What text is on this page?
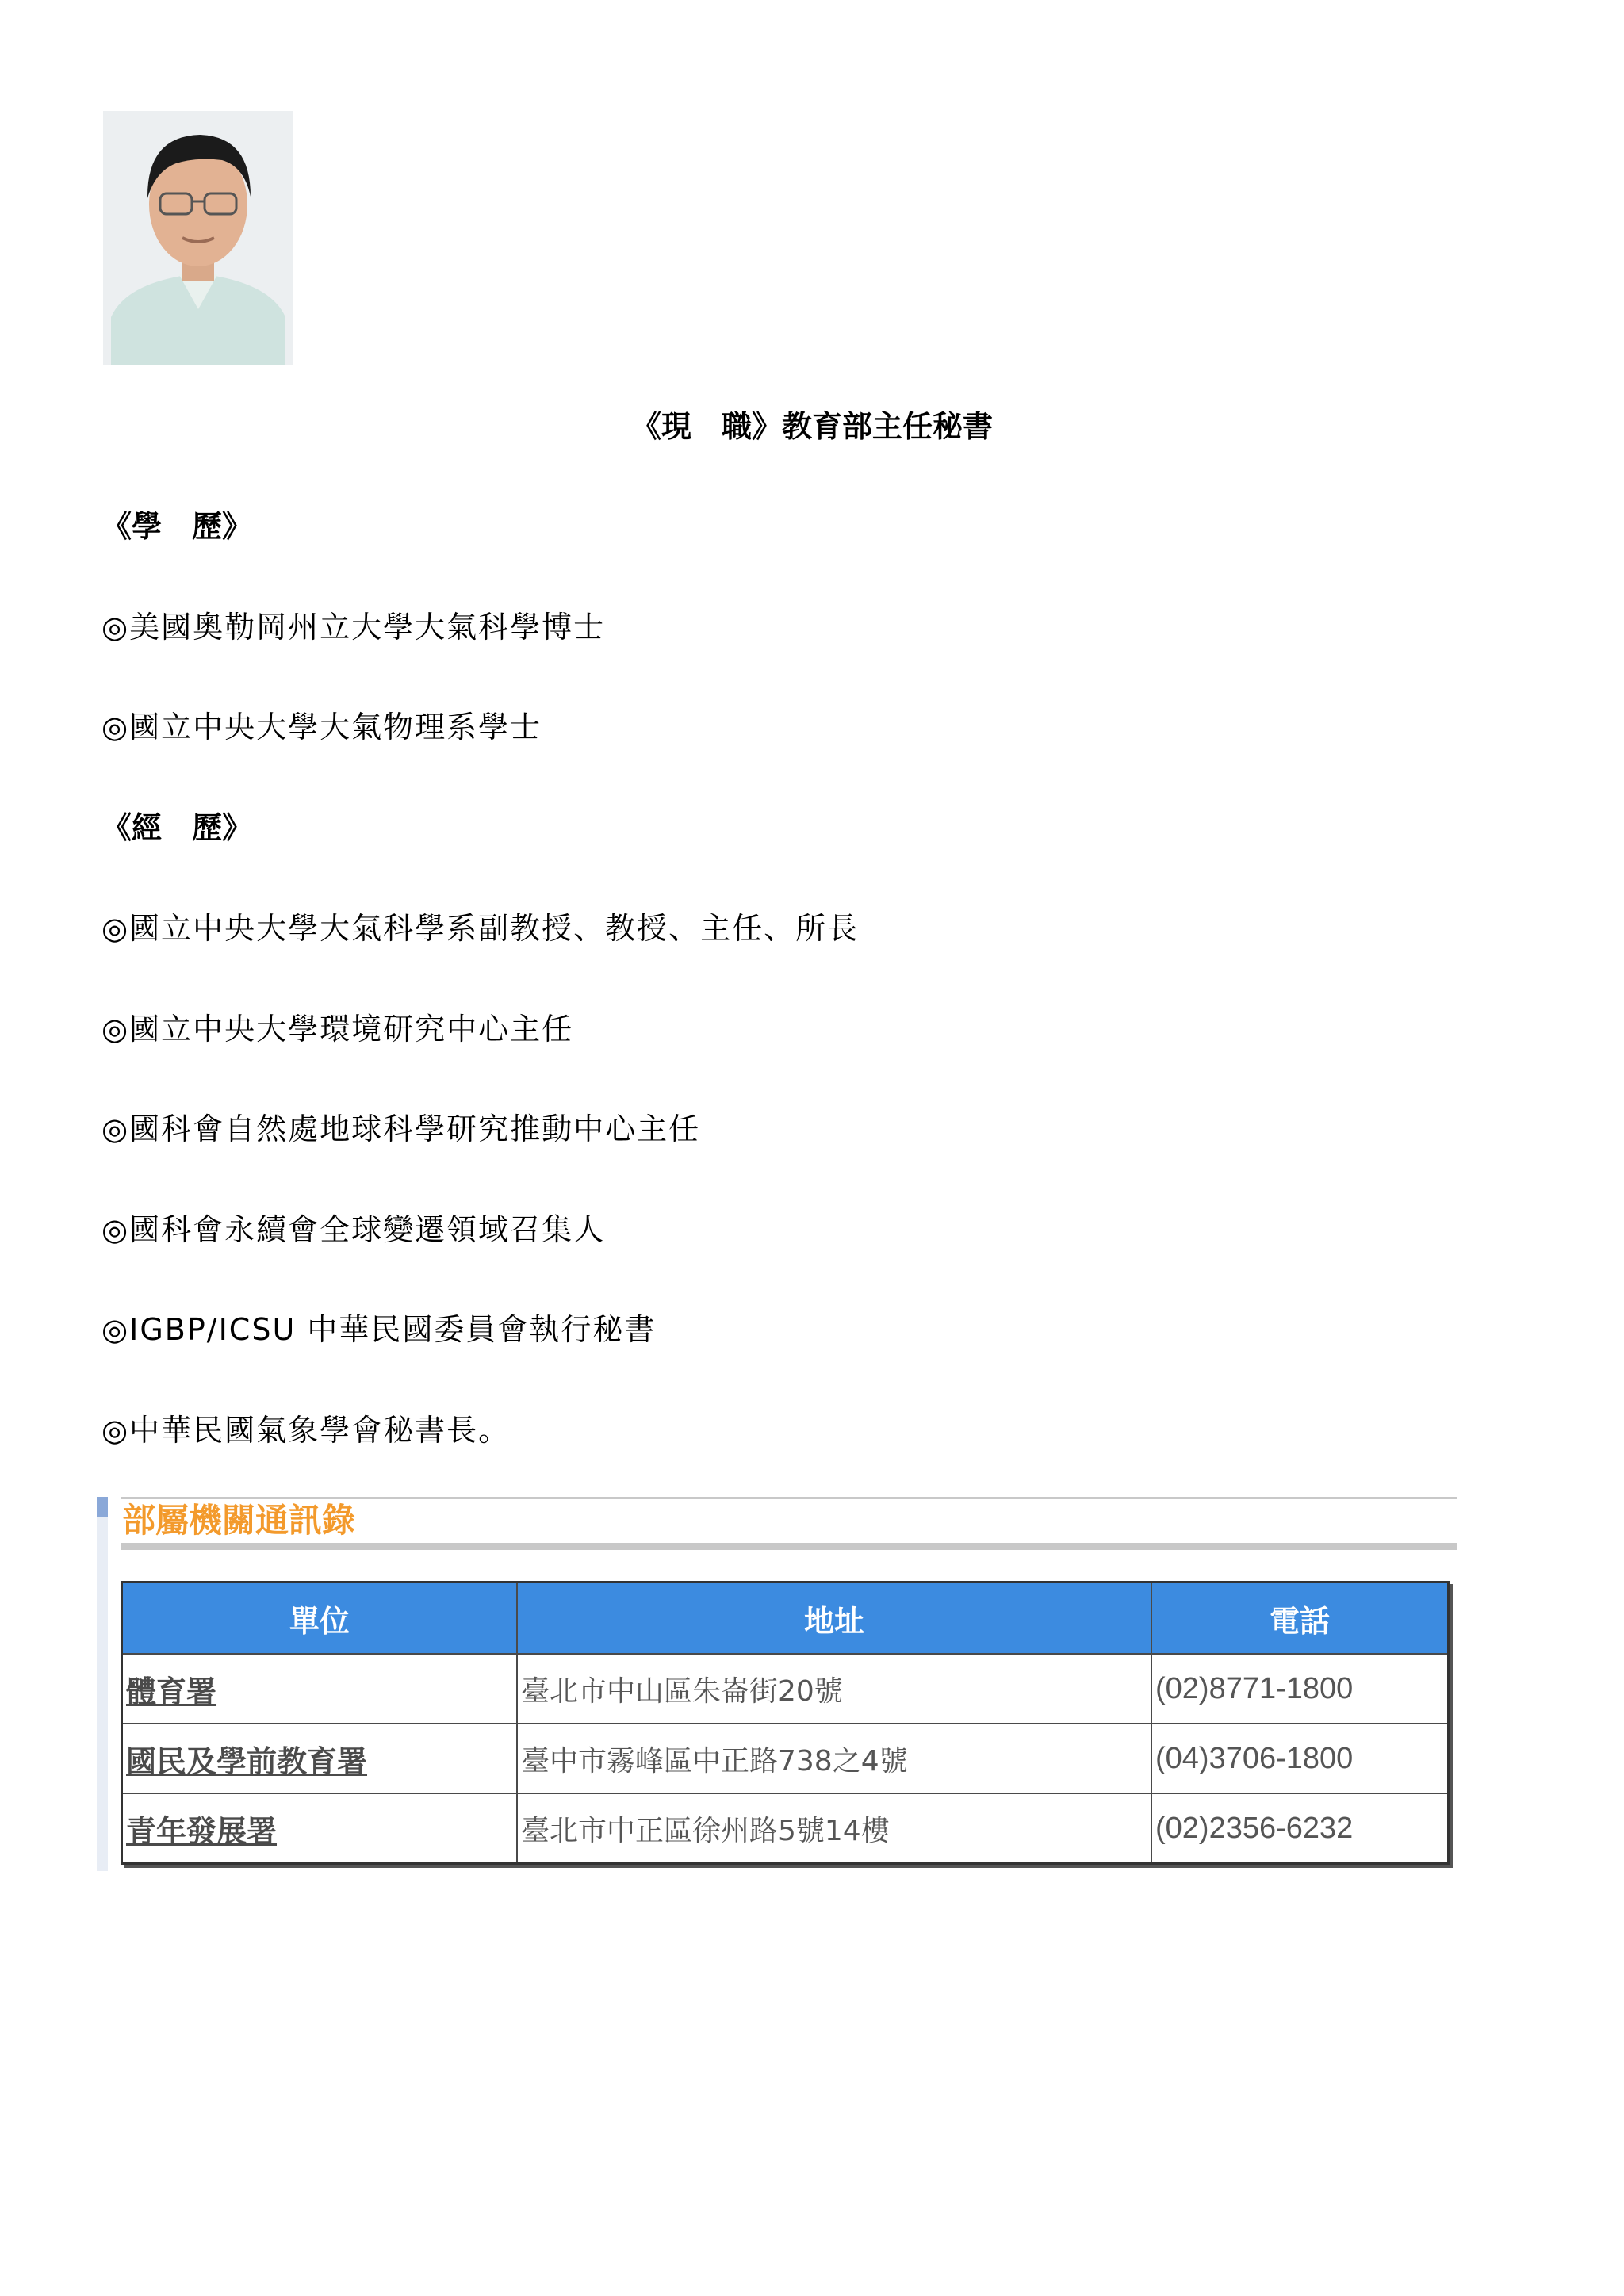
《現　職》教育部主任秘書
《學　歷》
◎美國奧勒岡州立大學大氣科學博士
◎國立中央大學大氣物理系學士
《經　歷》
◎國立中央大學大氣科學系副教授、教授、主任、所長
◎國立中央大學環境研究中心主任
◎國科會自然處地球科學研究推動中心主任
◎國科會永續會全球變遷領域召集人
◎IGBP/ICSU 中華民國委員會執行秘書
◎中華民國氣象學會秘書長。
部屬機關通訊錄
單位	地址	電話
體育署	臺北市中山區朱崙街20號	(02)8771-1800
國民及學前教育署	臺中市霧峰區中正路738之4號	(04)3706-1800
青年發展署	臺北市中正區徐州路5號14樓	(02)2356-6232
